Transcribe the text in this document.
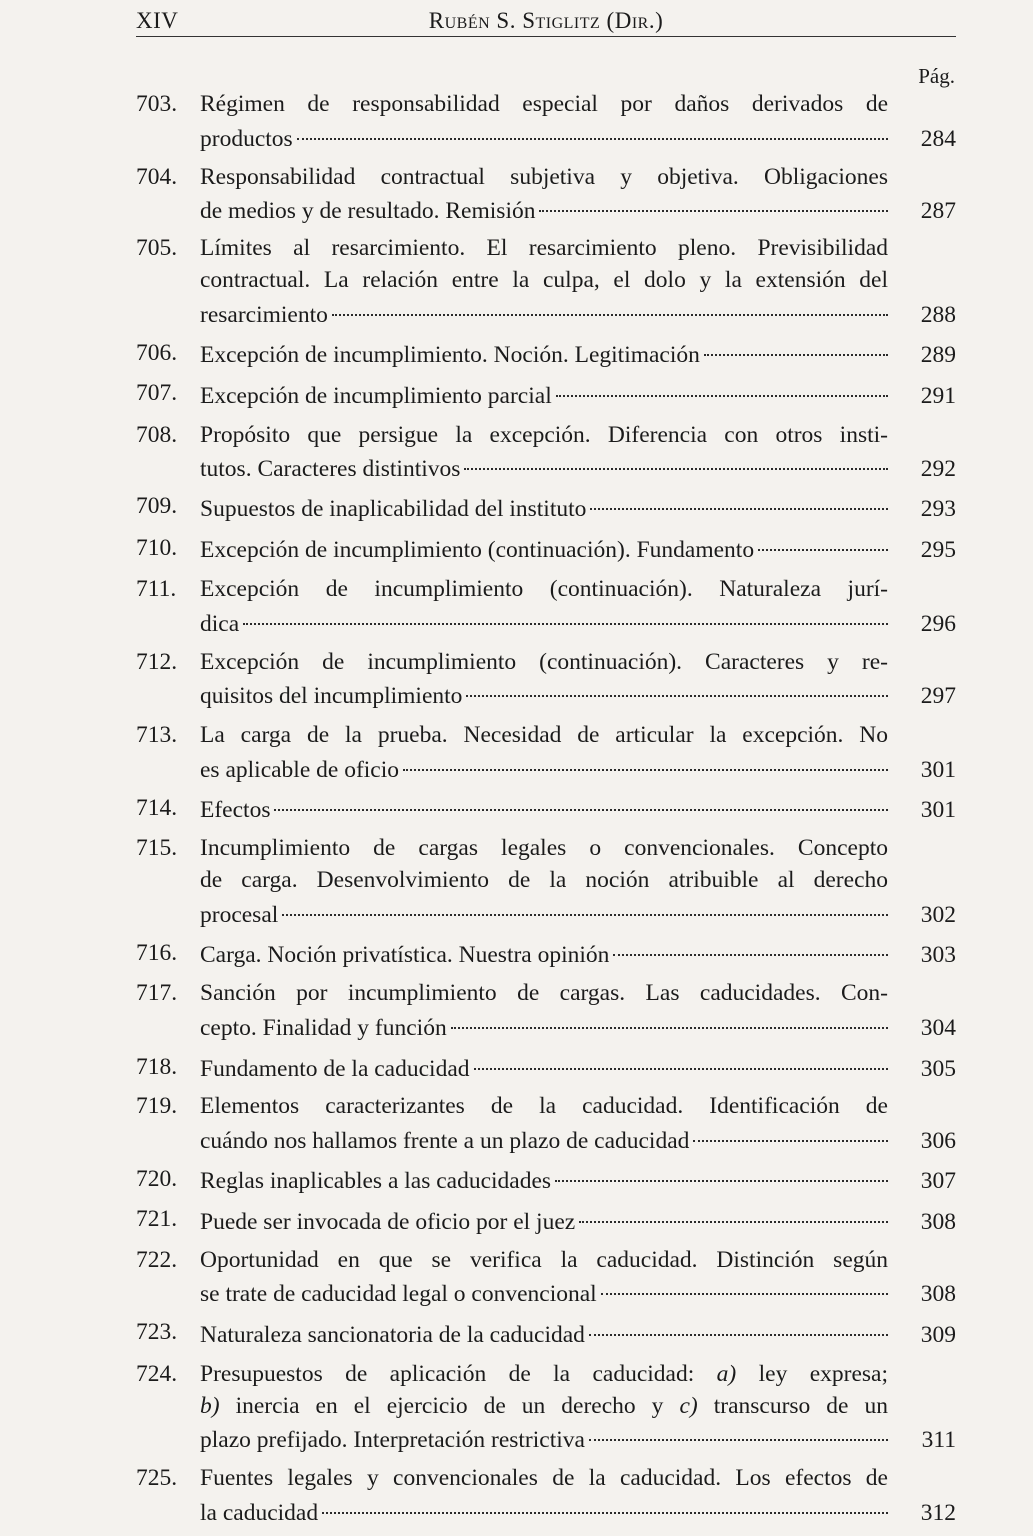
XIV	Rubén S. Stiglitz (Dir.)
Pág.
703. Régimen de responsabilidad especial por daños derivados de
productos	284
704. Responsabilidad contractual subjetiva y objetiva. Obligaciones
de medios y de resultado. Remisión	287
705. Límites al resarcimiento. El resarcimiento pleno. Previsibilidad
contractual. La relación entre la culpa, el dolo y la extensión del
resarcimiento	288
706. Excepción de incumplimiento. Noción. Legitimación	289
707. Excepción de incumplimiento parcial	291
708. Propósito que persigue la excepción. Diferencia con otros insti-
tutos. Caracteres distintivos	292
709. Supuestos de inaplicabilidad del instituto	293
710. Excepción de incumplimiento (continuación). Fundamento	295
711.	Excepción de incumplimiento (continuación). Naturaleza jurí-
dica	296
712. Excepción de incumplimiento (continuación). Caracteres y re-
quisitos del incumplimiento	297
713. La carga de la prueba. Necesidad de articular la excepción. No
es aplicable de oficio	301
714. Efectos	301
715. Incumplimiento de cargas legales o convencionales. Concepto
de carga. Desenvolvimiento de la noción atribuible al derecho
procesal	302
716. Carga. Noción privatística. Nuestra opinión	303
717. Sanción por incumplimiento de cargas. Las caducidades. Con-
cepto. Finalidad y función	304
718. Fundamento de la caducidad	305
719. Elementos caracterizantes de la caducidad. Identificación de
cuándo nos hallamos frente a un plazo de caducidad	306
720. Reglas inaplicables a las caducidades	307
721. Puede ser invocada de oficio por el juez	308
722. Oportunidad en que se verifica la caducidad. Distinción según
se trate de caducidad legal o convencional	308
723. Naturaleza sancionatoria de la caducidad	309
724. Presupuestos de aplicación de la caducidad: a) ley expresa;
b) inercia en el ejercicio de un derecho y c) transcurso de un
plazo prefijado. Interpretación restrictiva	311
725. Fuentes legales y convencionales de la caducidad. Los efectos de
la caducidad	312
